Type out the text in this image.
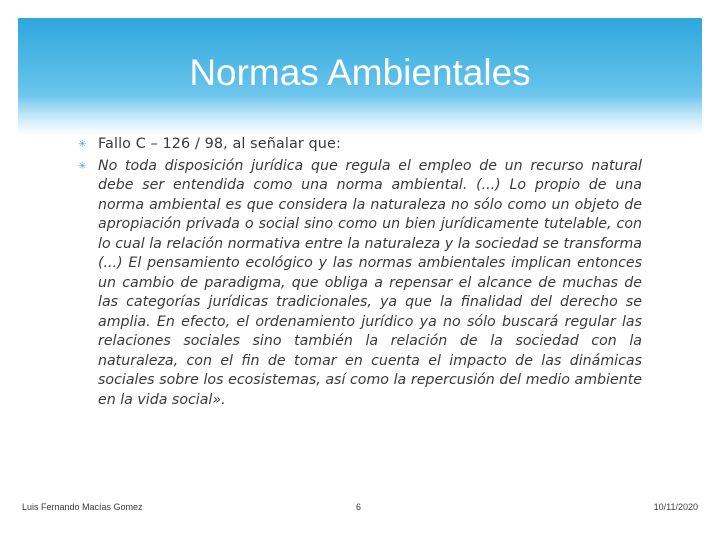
Normas Ambientales

✳ Fallo C – 126 / 98, al señalar que:

✳ No toda disposición jurídica que regula el empleo de un recurso natural debe ser entendida como una norma ambiental. (...) Lo propio de una norma ambiental es que considera la naturaleza no sólo como un objeto de apropiación privada o social sino como un bien jurídicamente tutelable, con lo cual la relación normativa entre la naturaleza y la sociedad se transforma (...) El pensamiento ecológico y las normas ambientales implican entonces un cambio de paradigma, que obliga a repensar el alcance de muchas de las categorías jurídicas tradicionales, ya que la finalidad del derecho se amplia. En efecto, el ordenamiento jurídico ya no sólo buscará regular las relaciones sociales sino también la relación de la sociedad con la naturaleza, con el fin de tomar en cuenta el impacto de las dinámicas sociales sobre los ecosistemas, así como la repercusión del medio ambiente en la vida social».

Luis Fernando Macías Gomez	6	10/11/2020
